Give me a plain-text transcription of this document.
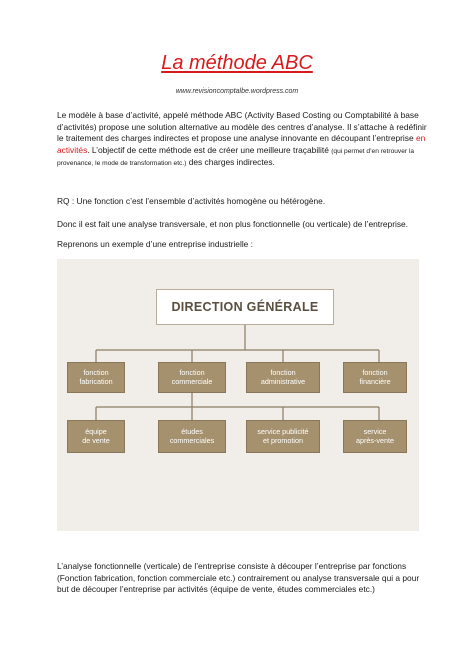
La méthode ABC
www.revisioncomptalbe.wordpress.com

Le modèle à base d’activité, appelé méthode ABC (Activity Based Costing ou Comptabilité à base d’activités) propose une solution alternative au modèle des centres d’analyse. Il s’attache à redéfinir le traitement des charges indirectes et propose une analyse innovante en découpant l’entreprise en activités. L’objectif de cette méthode est de créer une meilleure traçabilité (qui permet d’en retrouver la provenance, le mode de transformation etc.) des charges indirectes.

RQ : Une fonction c’est l’ensemble d’activités homogène ou hétérogène.

Donc il est fait une analyse transversale, et non plus fonctionnelle (ou verticale) de l’entreprise.

Reprenons un exemple d’une entreprise industrielle :

DIRECTION GÉNÉRALE
fonction
fabrication
fonction
commerciale
fonction
administrative
fonction
financière
équipe
de vente
études
commerciales
service publicité
et promotion
service
après-vente

L’analyse fonctionnelle (verticale) de l’entreprise consiste à découper l’entreprise par fonctions (Fonction fabrication, fonction commerciale etc.) contrairement ou analyse transversale qui a pour but de découper l’entreprise par activités (équipe de vente, études commerciales etc.)
